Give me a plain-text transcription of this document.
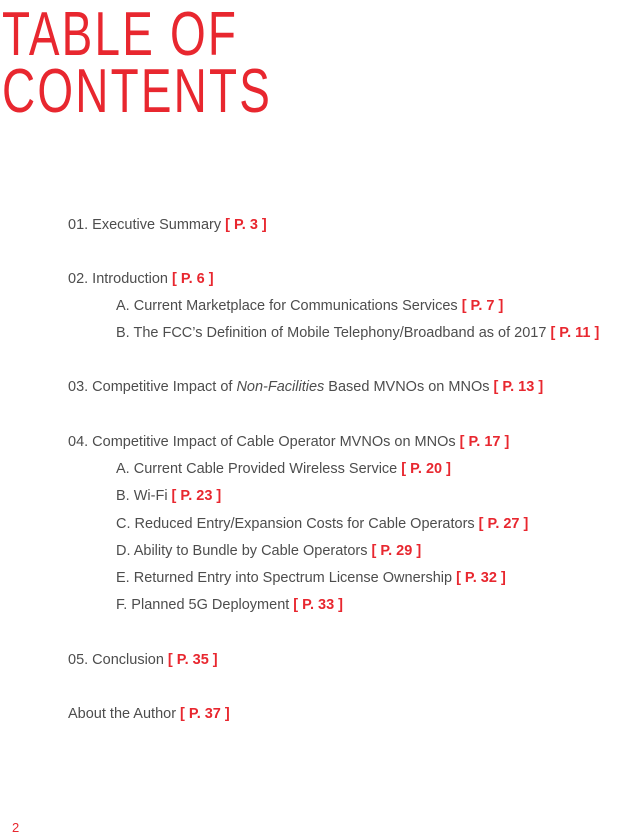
TABLE OF
CONTENTS
01. Executive Summary [ P. 3 ]
02. Introduction [ P. 6 ]
A. Current Marketplace for Communications Services [ P. 7 ]
B. The FCC’s Definition of Mobile Telephony/Broadband as of 2017 [ P. 11 ]
03. Competitive Impact of Non-Facilities Based MVNOs on MNOs [ P. 13 ]
04. Competitive Impact of Cable Operator MVNOs on MNOs [ P. 17 ]
A. Current Cable Provided Wireless Service [ P. 20 ]
B. Wi-Fi [ P. 23 ]
C. Reduced Entry/Expansion Costs for Cable Operators [ P. 27 ]
D. Ability to Bundle by Cable Operators [ P. 29 ]
E. Returned Entry into Spectrum License Ownership [ P. 32 ]
F. Planned 5G Deployment [ P. 33 ]
05. Conclusion [ P. 35 ]
About the Author [ P. 37 ]
2
